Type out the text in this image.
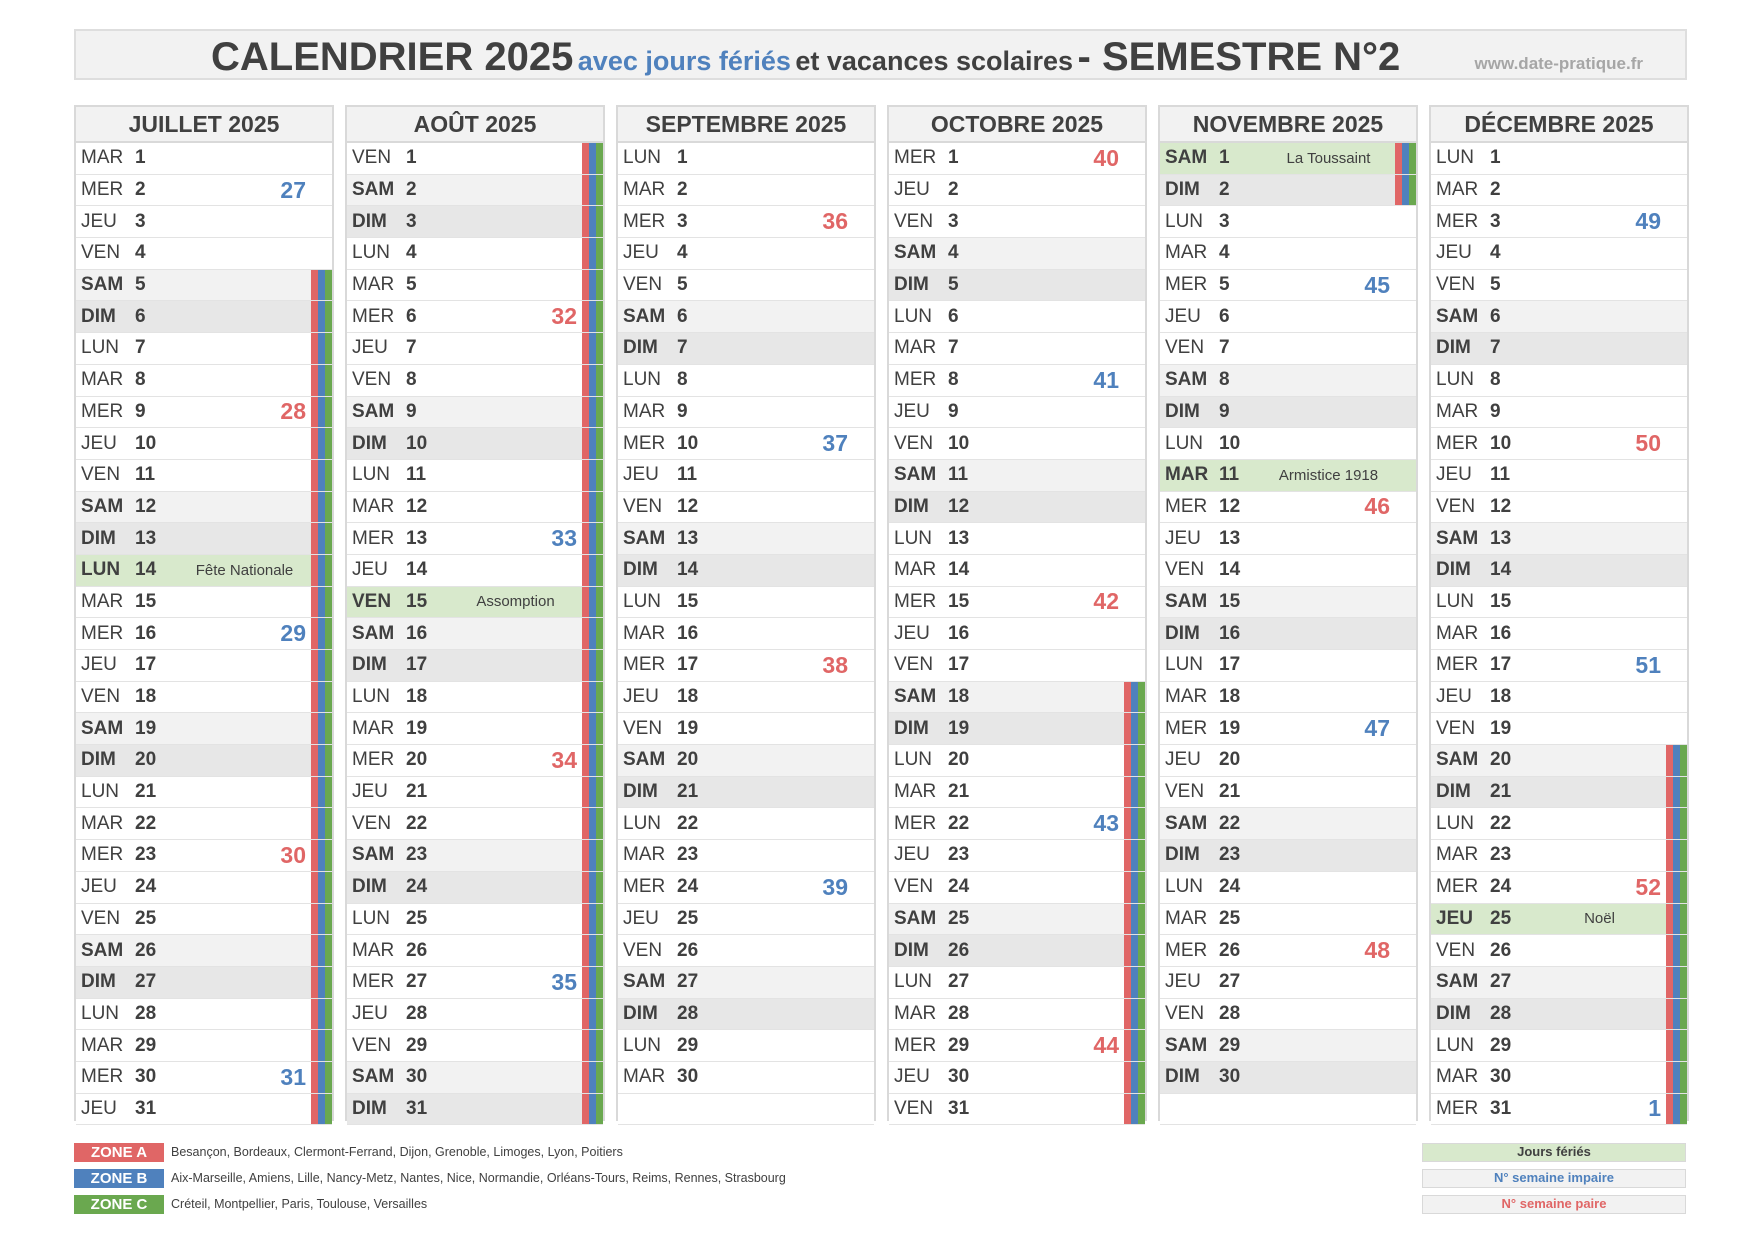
CALENDRIER 2025 avec jours fériés et vacances scolaires - SEMESTRE N°2	www.date-pratique.fr
JUILLET 2025
MAR 1
MER 2	27
JEU 3
VEN 4
SAM 5
DIM	6
LUN 7
MAR 8
MER 9	28
JEU 10
VEN 11
SAM 12
DIM	13
LUN 14	Fête Nationale
MAR 15
MER 16	29
JEU 17
VEN 18
SAM 19
DIM	20
LUN 21
MAR 22
MER 23	30
JEU 24
VEN 25
SAM 26
DIM	27
LUN 28
MAR 29
MER 30	31
JEU 31
AOÛT 2025
VEN 1
SAM 2
DIM	3
LUN 4
MAR 5
MER 6	32
JEU 7
VEN 8
SAM 9
DIM	10
LUN 11
MAR 12
MER 13	33
JEU 14
VEN 15	Assomption
SAM 16
DIM	17
LUN 18
MAR 19
MER 20	34
JEU 21
VEN 22
SAM 23
DIM	24
LUN 25
MAR 26
MER 27	35
JEU 28
VEN 29
SAM 30
DIM	31
SEPTEMBRE 2025
LUN 1
MAR 2
MER 3	36
JEU 4
VEN 5
SAM 6
DIM	7
LUN 8
MAR 9
MER 10	37
JEU 11
VEN 12
SAM 13
DIM	14
LUN 15
MAR 16
MER 17	38
JEU 18
VEN 19
SAM 20
DIM	21
LUN 22
MAR 23
MER 24	39
JEU 25
VEN 26
SAM 27
DIM	28
LUN 29
MAR 30
OCTOBRE 2025
MER 1	40
JEU 2
VEN 3
SAM 4
DIM	5
LUN 6
MAR 7
MER 8	41
JEU 9
VEN 10
SAM 11
DIM	12
LUN 13
MAR 14
MER 15	42
JEU 16
VEN 17
SAM 18
DIM	19
LUN 20
MAR 21
MER 22	43
JEU 23
VEN 24
SAM 25
DIM	26
LUN 27
MAR 28
MER 29	44
JEU 30
VEN 31
NOVEMBRE 2025
SAM 1	La Toussaint
DIM	2
LUN 3
MAR 4
MER 5	45
JEU 6
VEN 7
SAM 8
DIM	9
LUN 10
MAR 11	Armistice 1918
MER 12	46
JEU 13
VEN 14
SAM 15
DIM	16
LUN 17
MAR 18
MER 19	47
JEU 20
VEN 21
SAM 22
DIM	23
LUN 24
MAR 25
MER 26	48
JEU 27
VEN 28
SAM 29
DIM	30
DÉCEMBRE 2025
LUN 1
MAR 2
MER 3	49
JEU 4
VEN 5
SAM 6
DIM	7
LUN 8
MAR 9
MER 10	50
JEU 11
VEN 12
SAM 13
DIM	14
LUN 15
MAR 16
MER 17	51
JEU 18
VEN 19
SAM 20
DIM	21
LUN 22
MAR 23
MER 24	52
JEU 25	Noël
VEN 26
SAM 27
DIM	28
LUN 29
MAR 30
MER 31	1
ZONE A	Besançon, Bordeaux, Clermont-Ferrand, Dijon, Grenoble, Limoges, Lyon, Poitiers
ZONE B	Aix-Marseille, Amiens, Lille, Nancy-Metz, Nantes, Nice, Normandie, Orléans-Tours, Reims, Rennes, Strasbourg
ZONE C	Créteil, Montpellier, Paris, Toulouse, Versailles
Jours fériés
N° semaine impaire
N° semaine paire
